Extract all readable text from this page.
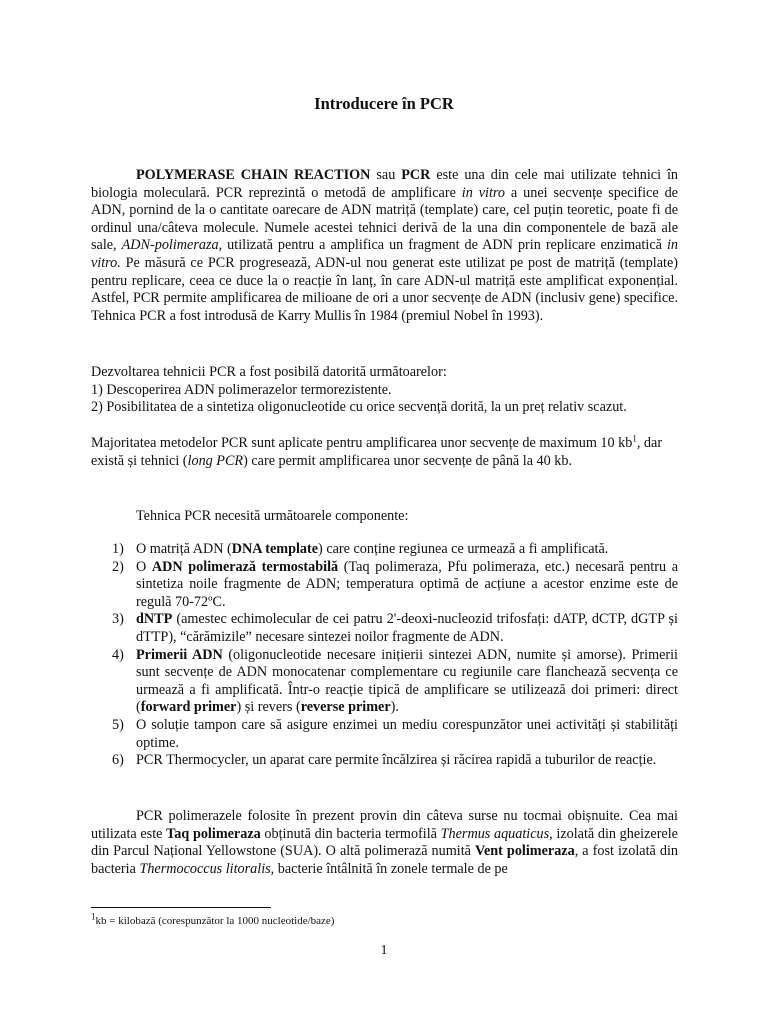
Introducere în PCR

POLYMERASE CHAIN REACTION sau PCR este una din cele mai utilizate tehnici în biologia moleculară. PCR reprezintă o metodă de amplificare in vitro a unei secvențe specifice de ADN, pornind de la o cantitate oarecare de ADN matriță (template) care, cel puțin teoretic, poate fi de ordinul una/câteva molecule. Numele acestei tehnici derivă de la una din componentele de bază ale sale, ADN-polimeraza, utilizată pentru a amplifica un fragment de ADN prin replicare enzimatică in vitro. Pe măsură ce PCR progresează, ADN-ul nou generat este utilizat pe post de matriță (template) pentru replicare, ceea ce duce la o reacție în lanț, în care ADN-ul matriță este amplificat exponențial. Astfel, PCR permite amplificarea de milioane de ori a unor secvențe de ADN (inclusiv gene) specifice. Tehnica PCR a fost introdusă de Karry Mullis în 1984 (premiul Nobel în 1993).

Dezvoltarea tehnicii PCR a fost posibilă datorită următoarelor:
1) Descoperirea ADN polimerazelor termorezistente.
2) Posibilitatea de a sintetiza oligonucleotide cu orice secvență dorită, la un preț relativ scazut.

Majoritatea metodelor PCR sunt aplicate pentru amplificarea unor secvențe de maximum 10 $kb^1$, dar există și tehnici (long PCR) care permit amplificarea unor secvențe de până la 40 kb.

Tehnica PCR necesită următoarele componente:

1) O matriță ADN (DNA template) care conține regiunea ce urmează a fi amplificată.
2) O ADN polimerază termostabilă (Taq polimeraza, Pfu polimeraza, etc.) necesară pentru a sintetiza noile fragmente de ADN; temperatura optimă de acțiune a acestor enzime este de regulă 70-72ºC.
3) dNTP (amestec echimolecular de cei patru 2'-deoxi-nucleozid trifosfați: dATP, dCTP, dGTP și dTTP), “cărămizile” necesare sintezei noilor fragmente de ADN.
4) Primerii ADN (oligonucleotide necesare inițierii sintezei ADN, numite și amorse). Primerii sunt secvențe de ADN monocatenar complementare cu regiunile care flanchează secvența ce urmează a fi amplificată. Într-o reacție tipică de amplificare se utilizează doi primeri: direct (forward primer) și revers (reverse primer).
5) O soluție tampon care să asigure enzimei un mediu corespunzător unei activități și stabilități optime.
6) PCR Thermocycler, un aparat care permite încălzirea și răcirea rapidă a tuburilor de reacție.

PCR polimerazele folosite în prezent provin din câteva surse nu tocmai obișnuite. Cea mai utilizata este Taq polimeraza obținută din bacteria termofilă Thermus aquaticus, izolată din gheizerele din Parcul Național Yellowstone (SUA). O altă polimerază numită Vent polimeraza, a fost izolată din bacteria Thermococcus litoralis, bacterie întâlnită în zonele termale de pe

$^1$kb = kilobază (corespunzător la 1000 nucleotide/baze)
1
